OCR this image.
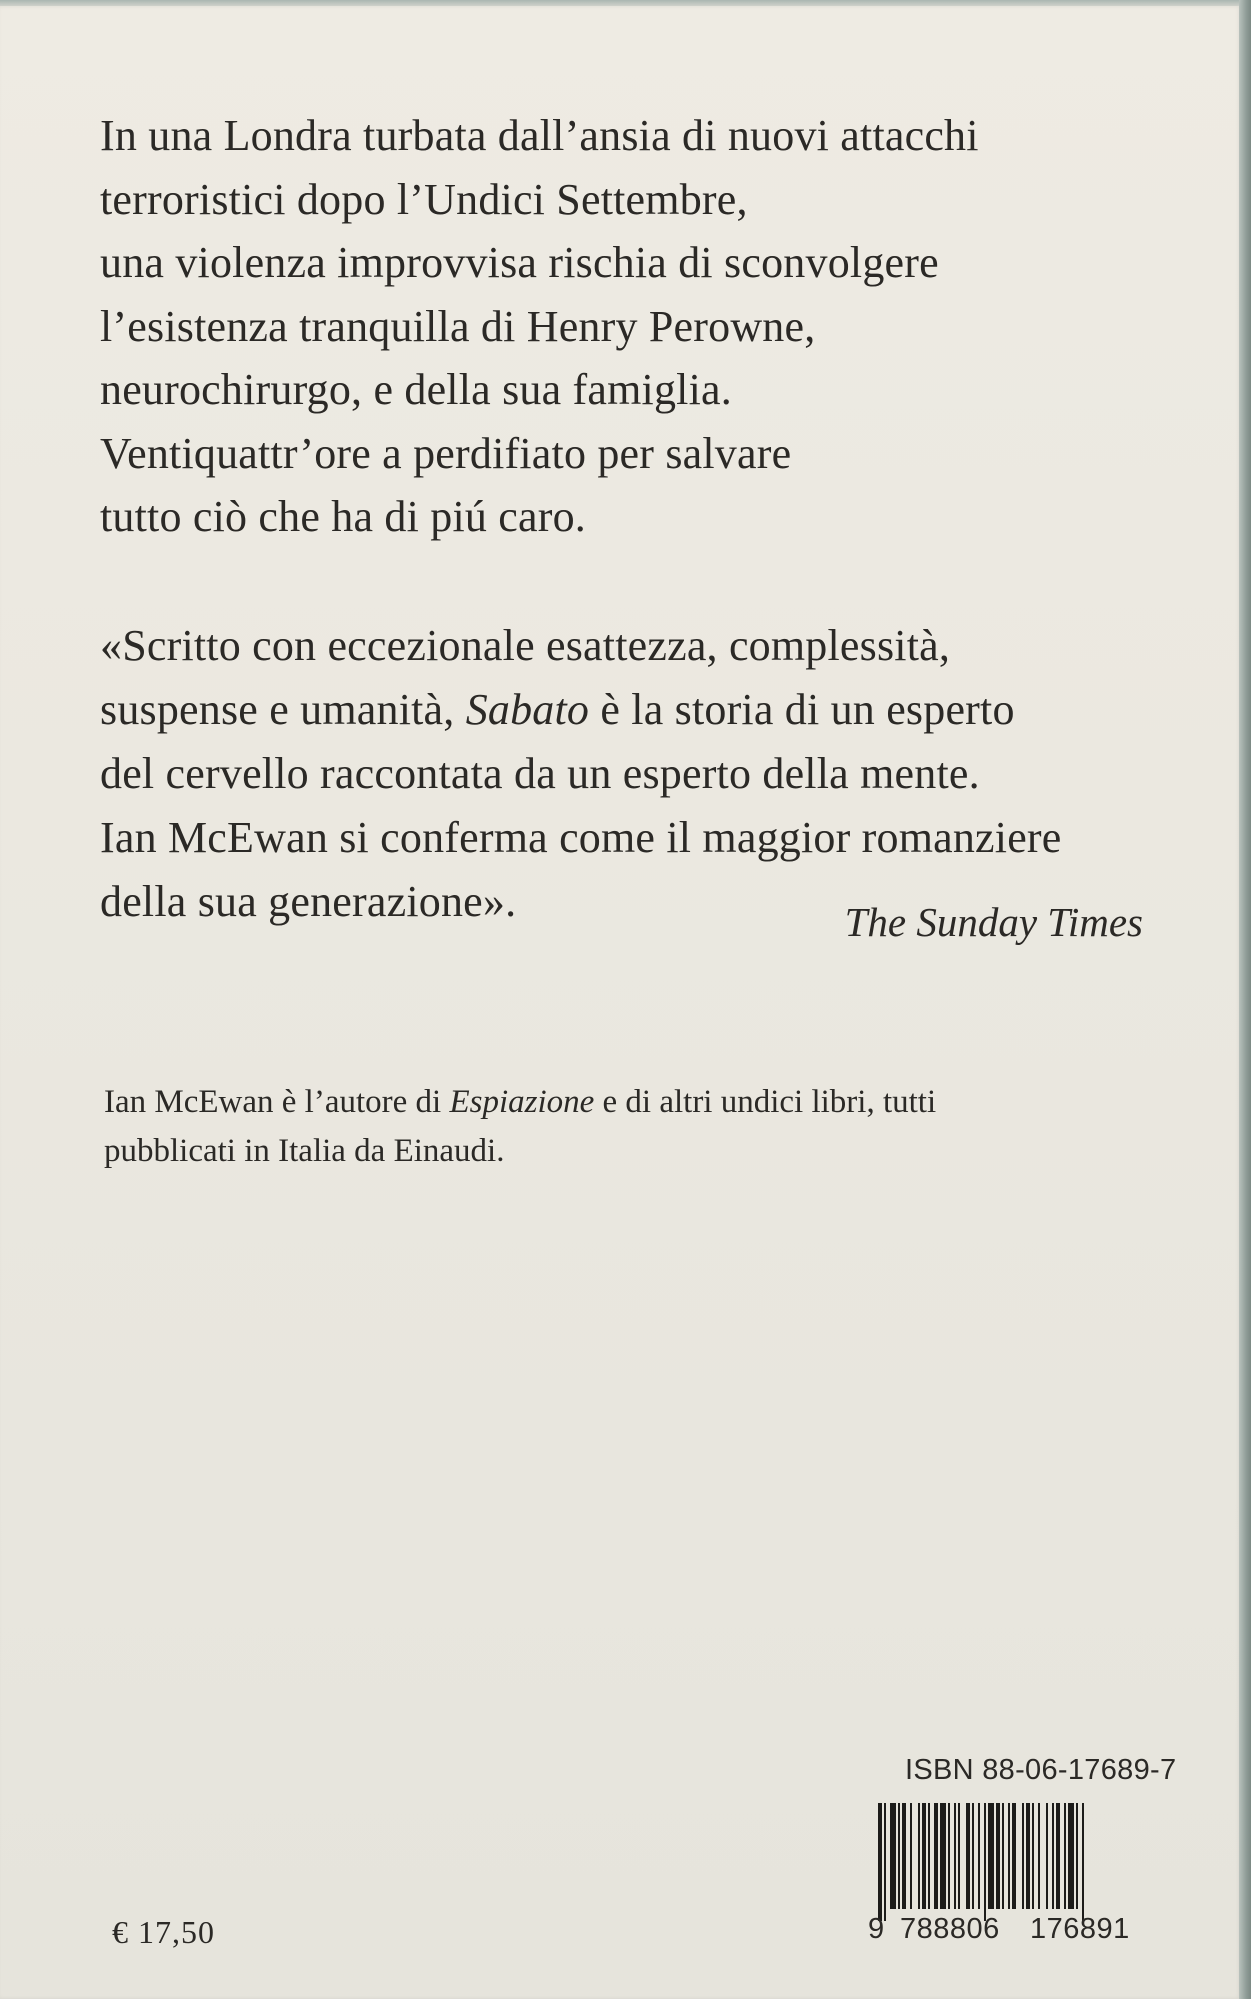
In una Londra turbata dall’ansia di nuovi attacchi
terroristici dopo l’Undici Settembre,
una violenza improvvisa rischia di sconvolgere
l’esistenza tranquilla di Henry Perowne,
neurochirurgo, e della sua famiglia.
Ventiquattr’ore a perdifiato per salvare
tutto ciò che ha di piú caro.
«Scritto con eccezionale esattezza, complessità,
suspense e umanità, Sabato è la storia di un esperto
del cervello raccontata da un esperto della mente.
Ian McEwan si conferma come il maggior romanziere
della sua generazione».	The Sunday Times
Ian McEwan è l’autore di Espiazione e di altri undici libri, tutti
pubblicati in Italia da Einaudi.
ISBN 88-06-17689-7
9 788806 176891
€ 17,50
